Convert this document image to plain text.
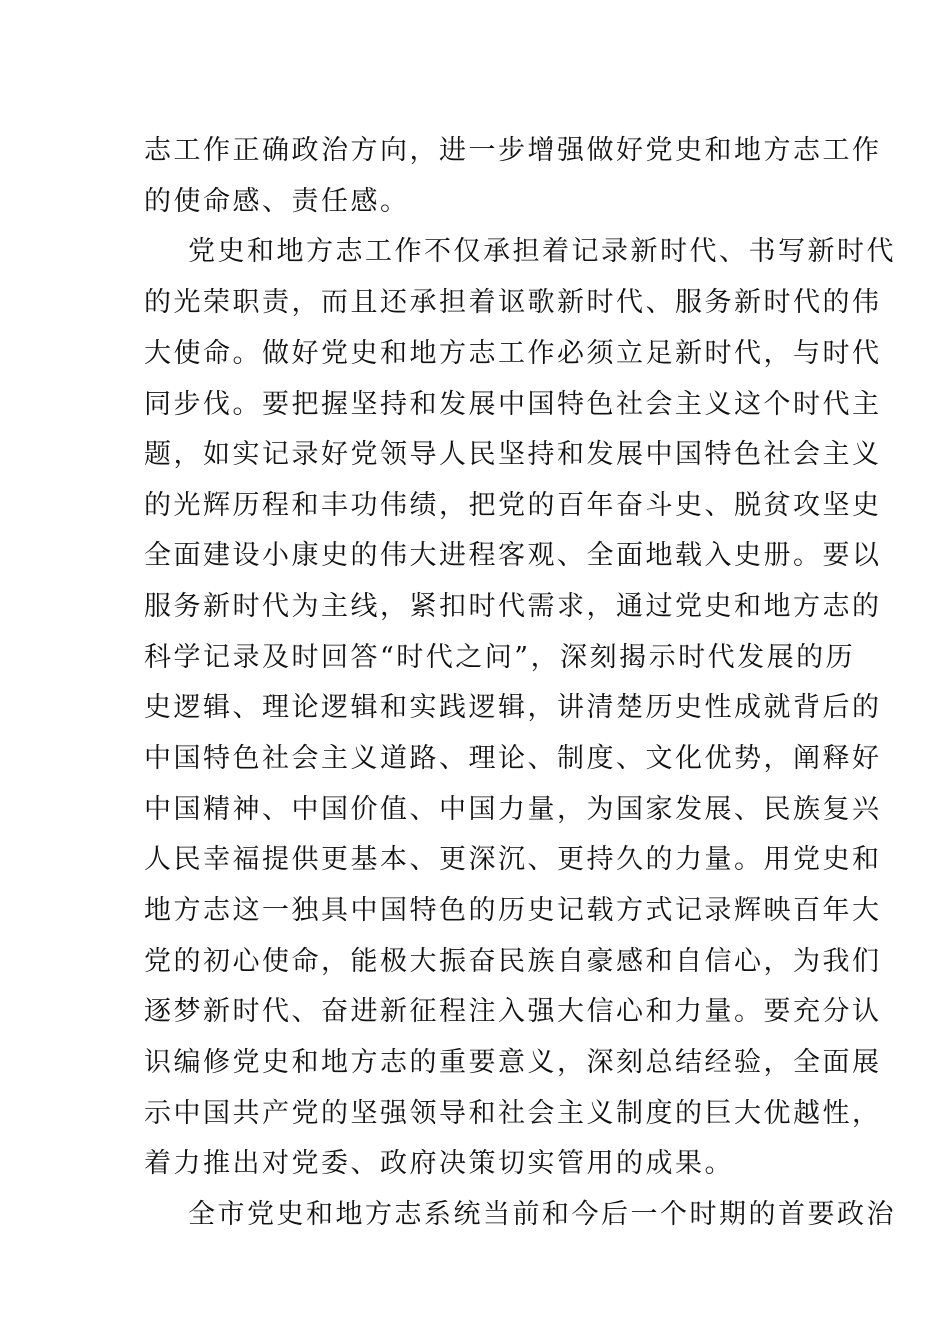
志工作正确政治方向，进一步增强做好党史和地方志工作
的使命感、责任感。
党史和地方志工作不仅承担着记录新时代、书写新时代
的光荣职责，而且还承担着讴歌新时代、服务新时代的伟
大使命。做好党史和地方志工作必须立足新时代，与时代
同步伐。要把握坚持和发展中国特色社会主义这个时代主
题，如实记录好党领导人民坚持和发展中国特色社会主义
的光辉历程和丰功伟绩，把党的百年奋斗史、脱贫攻坚史
全面建设小康史的伟大进程客观、全面地载入史册。要以
服务新时代为主线，紧扣时代需求，通过党史和地方志的
科学记录及时回答“时代之问”，深刻揭示时代发展的历
史逻辑、理论逻辑和实践逻辑，讲清楚历史性成就背后的
中国特色社会主义道路、理论、制度、文化优势，阐释好
中国精神、中国价值、中国力量，为国家发展、民族复兴
人民幸福提供更基本、更深沉、更持久的力量。用党史和
地方志这一独具中国特色的历史记载方式记录辉映百年大
党的初心使命，能极大振奋民族自豪感和自信心，为我们
逐梦新时代、奋进新征程注入强大信心和力量。要充分认
识编修党史和地方志的重要意义，深刻总结经验，全面展
示中国共产党的坚强领导和社会主义制度的巨大优越性，
着力推出对党委、政府决策切实管用的成果。
全市党史和地方志系统当前和今后一个时期的首要政治
